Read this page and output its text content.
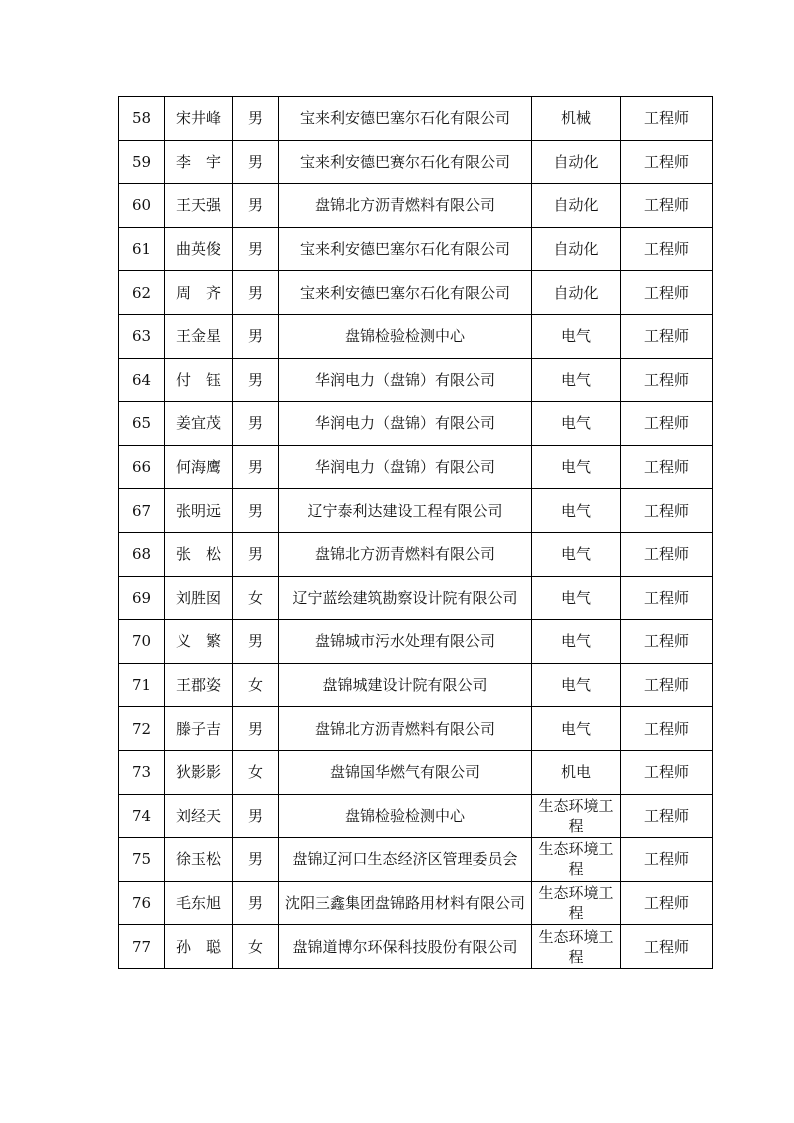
58	宋井峰	男	宝来利安德巴塞尔石化有限公司	机械	工程师
59	李　宇	男	宝来利安德巴赛尔石化有限公司	自动化	工程师
60	王天强	男	盘锦北方沥青燃料有限公司	自动化	工程师
61	曲英俊	男	宝来利安德巴塞尔石化有限公司	自动化	工程师
62	周　齐	男	宝来利安德巴塞尔石化有限公司	自动化	工程师
63	王金星	男	盘锦检验检测中心	电气	工程师
64	付　钰	男	华润电力（盘锦）有限公司	电气	工程师
65	姜宜茂	男	华润电力（盘锦）有限公司	电气	工程师
66	何海鹰	男	华润电力（盘锦）有限公司	电气	工程师
67	张明远	男	辽宁泰利达建设工程有限公司	电气	工程师
68	张　松	男	盘锦北方沥青燃料有限公司	电气	工程师
69	刘胜囡	女	辽宁蓝绘建筑勘察设计院有限公司	电气	工程师
70	义　繁	男	盘锦城市污水处理有限公司	电气	工程师
71	王郡姿	女	盘锦城建设计院有限公司	电气	工程师
72	滕子吉	男	盘锦北方沥青燃料有限公司	电气	工程师
73	狄影影	女	盘锦国华燃气有限公司	机电	工程师
74	刘经天	男	盘锦检验检测中心	生态环境工程	工程师
75	徐玉松	男	盘锦辽河口生态经济区管理委员会	生态环境工程	工程师
76	毛东旭	男	沈阳三鑫集团盘锦路用材料有限公司	生态环境工程	工程师
77	孙　聪	女	盘锦道博尔环保科技股份有限公司	生态环境工程	工程师
